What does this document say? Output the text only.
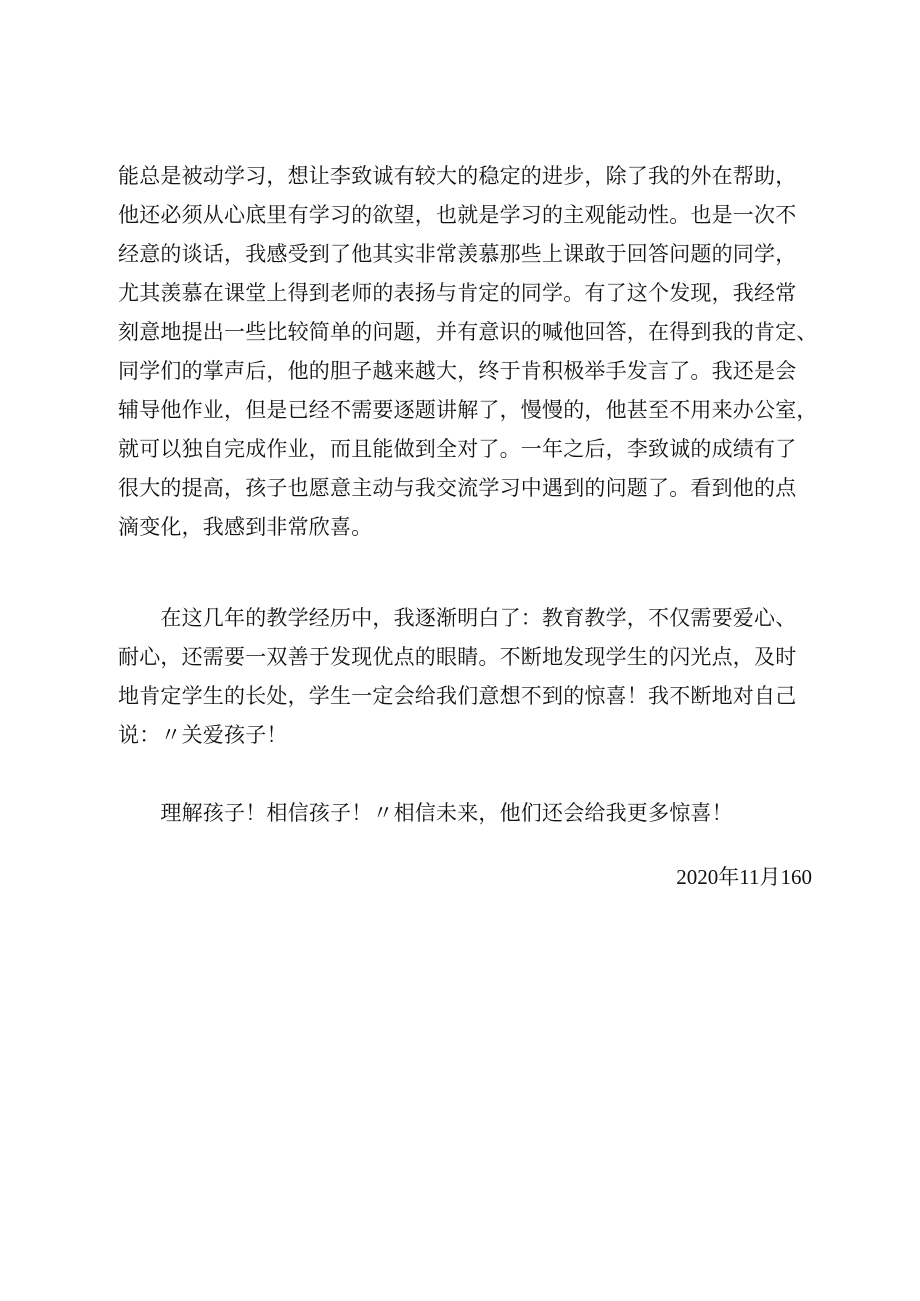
能总是被动学习，想让李致诚有较大的稳定的进步，除了我的外在帮助，
他还必须从心底里有学习的欲望，也就是学习的主观能动性。也是一次不
经意的谈话，我感受到了他其实非常羡慕那些上课敢于回答问题的同学，
尤其羡慕在课堂上得到老师的表扬与肯定的同学。有了这个发现，我经常
刻意地提出一些比较简单的问题，并有意识的喊他回答，在得到我的肯定、
同学们的掌声后，他的胆子越来越大，终于肯积极举手发言了。我还是会
辅导他作业，但是已经不需要逐题讲解了，慢慢的，他甚至不用来办公室，
就可以独自完成作业，而且能做到全对了。一年之后，李致诚的成绩有了
很大的提高，孩子也愿意主动与我交流学习中遇到的问题了。看到他的点
滴变化，我感到非常欣喜。
　　在这几年的教学经历中，我逐渐明白了：教育教学，不仅需要爱心、
耐心，还需要一双善于发现优点的眼睛。不断地发现学生的闪光点，及时
地肯定学生的长处，学生一定会给我们意想不到的惊喜！我不断地对自己
说：〃关爱孩子！
　　理解孩子！相信孩子！〃相信未来，他们还会给我更多惊喜！
2020年11月160
